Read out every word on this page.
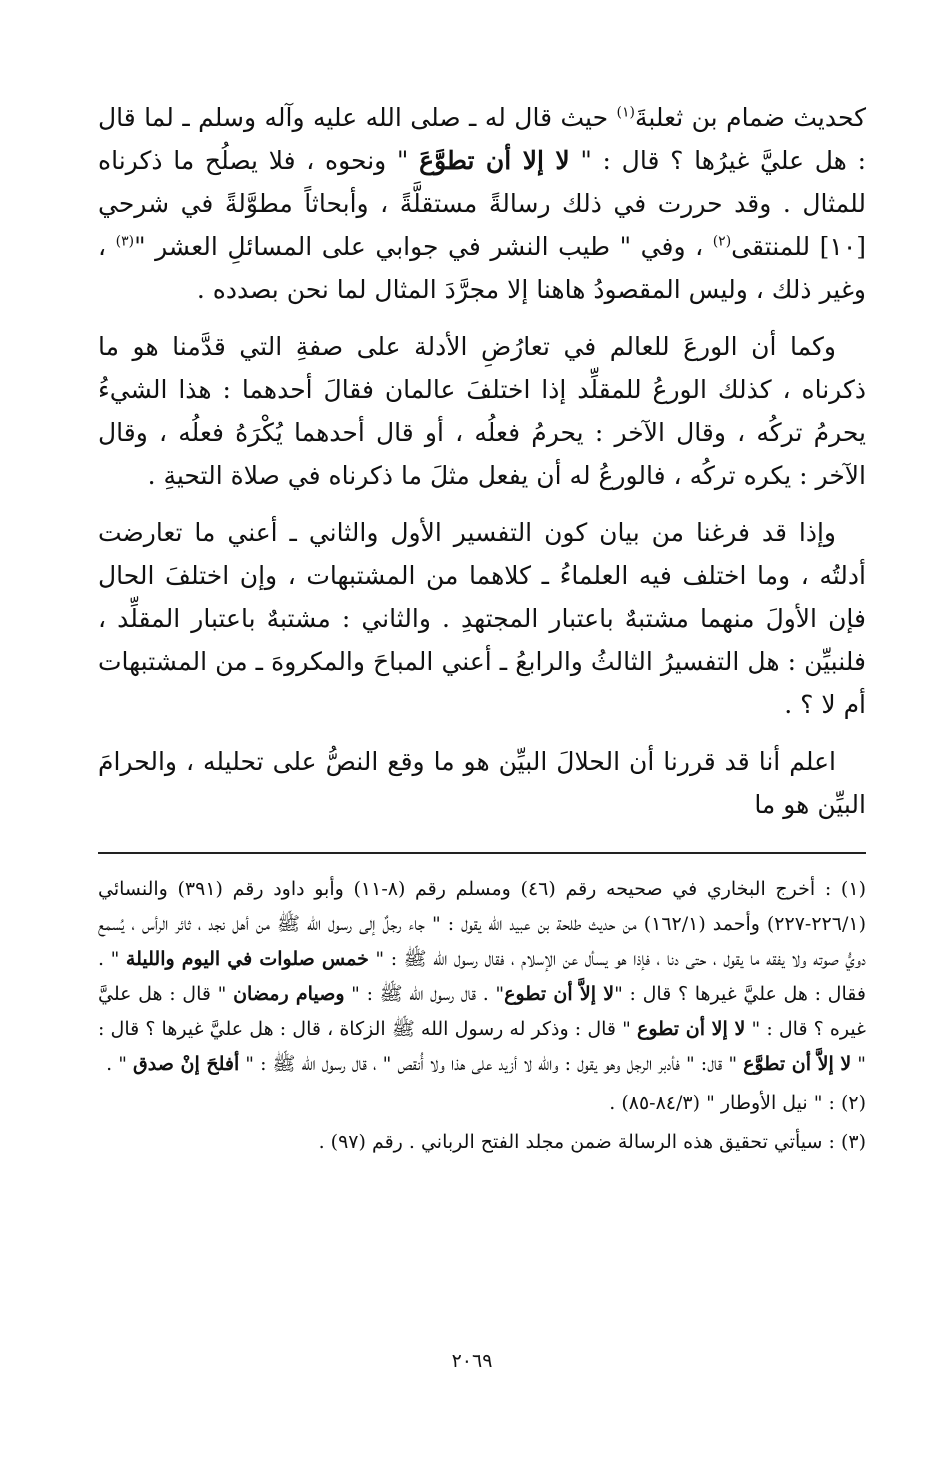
كحديث ضمام بن ثعلبةَ$^{(١)}$ حيث قال له ـ صلى الله عليه وآله وسلم ـ لما قال : هل عليَّ غيرُها ؟ قال : " لا إلا أن تطوَّعَ " ونحوه ، فلا يصلُح ما ذكرناه للمثال . وقد حررت في ذلك رسالةً مستقلَّةً ، وأبحاثاً مطوَّلةً في شرحي [١٠] للمنتقى$^{(٢)}$ ، وفي " طيب النشر في جوابي على المسائلِ العشر "$^{(٣)}$ ، وغير ذلك ، وليس المقصودُ هاهنا إلا مجرَّدَ المثال لما نحن بصدده .

وكما أن الورعَ للعالم في تعارُضِ الأدلة على صفةِ التي قدَّمنا هو ما ذكرناه ، كذلك الورعُ للمقلِّد إذا اختلفَ عالمان فقالَ أحدهما : هذا الشيءُ يحرمُ تركُه ، وقال الآخر : يحرمُ فعلُه ، أو قال أحدهما يُكْرَهُ فعلُه ، وقال الآخر : يكره تركُه ، فالورعُ له أن يفعل مثلَ ما ذكرناه في صلاة التحيةِ .

وإذا قد فرغنا من بيان كون التفسير الأول والثاني ـ أعني ما تعارضت أدلتُه ، وما اختلف فيه العلماءُ ـ كلاهما من المشتبهات ، وإن اختلفَ الحال فإن الأولَ منهما مشتبهٌ باعتبار المجتهدِ . والثاني : مشتبهٌ باعتبار المقلِّد ، فلنبيِّن : هل التفسيرُ الثالثُ والرابعُ ـ أعني المباحَ والمكروهَ ـ من المشتبهات أم لا ؟ .

اعلم أنا قد قررنا أن الحلالَ البيِّن هو ما وقع النصُّ على تحليله ، والحرامَ البيِّن هو ما

(١) : أخرج البخاري في صحيحه رقم (٤٦) ومسلم رقم (٨-١١) وأبو داود رقم (٣٩١) والنسائي (٢٢٦/١-٢٢٧) وأحمد (١٦٢/١) من حديث طلحة بن عبيد الله يقول : " جاء رجلٌ إلى رسول الله ﷺ من أهل نجد ، ثائر الرأس ، يُسمع دويُّ صوته ولا يفقه ما يقول ، حتى دنا ، فإذا هو يسأل عن الإسلام ، فقال رسول الله ﷺ : " خمس صلوات في اليوم والليلة " . فقال : هل عليَّ غيرها ؟ قال : "لا إلاَّ أن تطوع" . قال رسول الله ﷺ : " وصيام رمضان " قال : هل عليَّ غيره ؟ قال : " لا إلا أن تطوع " قال : وذكر له رسول الله ﷺ الزكاة ، قال : هل عليَّ غيرها ؟ قال : " لا إلاَّ أن تطوَّع " قال: " فأدبر الرجل وهو يقول : والله لا أزيد على هذا ولا أُنقص " ، قال رسول الله ﷺ : " أفلحَ إنْ صدق " .

(٢) : " نيل الأوطار " (٨٤/٣-٨٥) .

(٣) : سيأتي تحقيق هذه الرسالة ضمن مجلد الفتح الرباني . رقم (٩٧) .

٢٠٦٩
